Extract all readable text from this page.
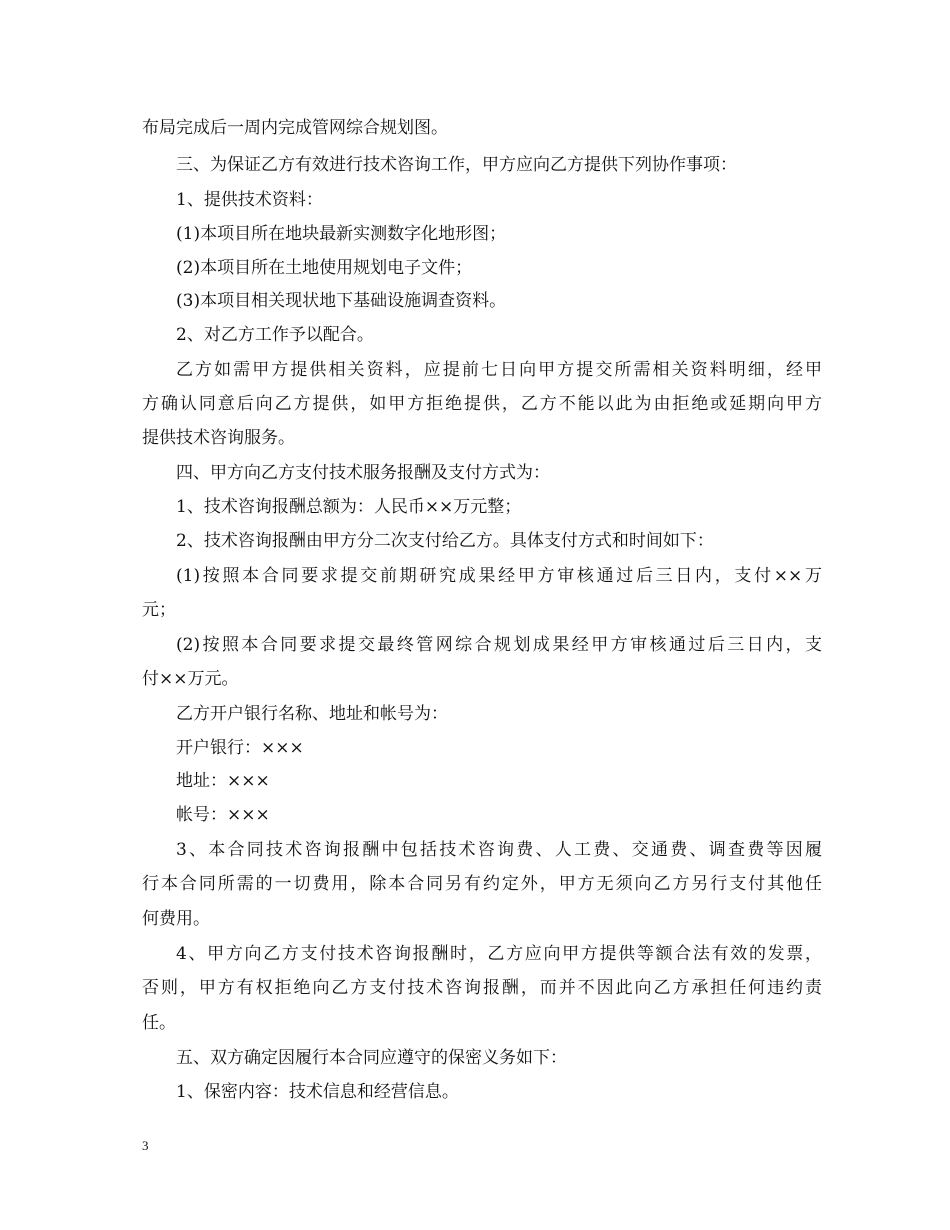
布局完成后一周内完成管网综合规划图。
三、为保证乙方有效进行技术咨询工作，甲方应向乙方提供下列协作事项：
1、提供技术资料：
(1)本项目所在地块最新实测数字化地形图；
(2)本项目所在土地使用规划电子文件；
(3)本项目相关现状地下基础设施调查资料。
2、对乙方工作予以配合。
乙方如需甲方提供相关资料，应提前七日向甲方提交所需相关资料明细，经甲
方确认同意后向乙方提供，如甲方拒绝提供，乙方不能以此为由拒绝或延期向甲方
提供技术咨询服务。
四、甲方向乙方支付技术服务报酬及支付方式为：
1、技术咨询报酬总额为：人民币××万元整；
2、技术咨询报酬由甲方分二次支付给乙方。具体支付方式和时间如下：
(1)按照本合同要求提交前期研究成果经甲方审核通过后三日内，支付××万
元；
(2)按照本合同要求提交最终管网综合规划成果经甲方审核通过后三日内，支
付××万元。
乙方开户银行名称、地址和帐号为：
开户银行：×××
地址：×××
帐号：×××
3、本合同技术咨询报酬中包括技术咨询费、人工费、交通费、调查费等因履
行本合同所需的一切费用，除本合同另有约定外，甲方无须向乙方另行支付其他任
何费用。
4、甲方向乙方支付技术咨询报酬时，乙方应向甲方提供等额合法有效的发票，
否则，甲方有权拒绝向乙方支付技术咨询报酬，而并不因此向乙方承担任何违约责
任。
五、双方确定因履行本合同应遵守的保密义务如下：
1、保密内容：技术信息和经营信息。
3
